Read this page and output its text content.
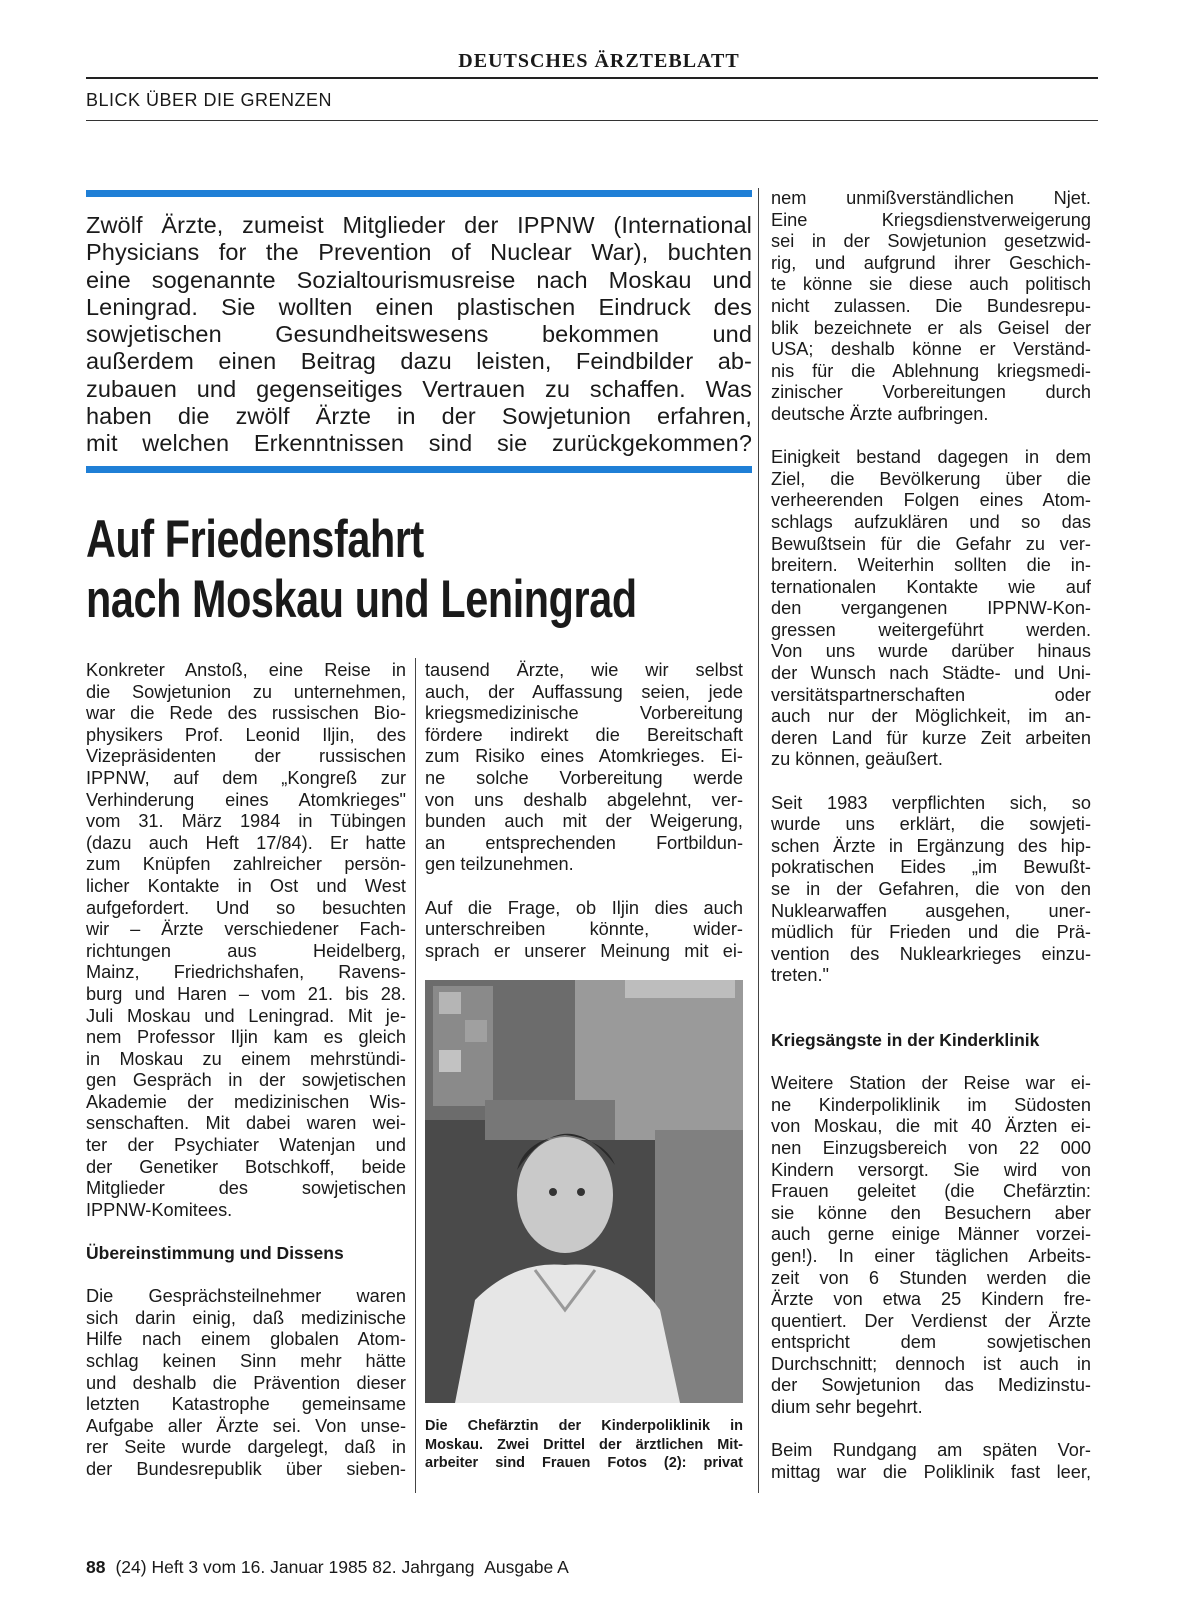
DEUTSCHES ÄRZTEBLATT
BLICK ÜBER DIE GRENZEN
Zwölf Ärzte, zumeist Mitglieder der IPPNW (International
Physicians for the Prevention of Nuclear War), buchten
eine sogenannte Sozialtourismusreise nach Moskau und
Leningrad. Sie wollten einen plastischen Eindruck des
sowjetischen Gesundheitswesens bekommen und
außerdem einen Beitrag dazu leisten, Feindbilder ab-
zubauen und gegenseitiges Vertrauen zu schaffen. Was
haben die zwölf Ärzte in der Sowjetunion erfahren,
mit welchen Erkenntnissen sind sie zurückgekommen?
Auf Friedensfahrt
nach Moskau und Leningrad
Konkreter Anstoß, eine Reise in
die Sowjetunion zu unternehmen,
war die Rede des russischen Bio-
physikers Prof. Leonid Iljin, des
Vizepräsidenten der russischen
IPPNW, auf dem „Kongreß zur
Verhinderung eines Atomkrieges"
vom 31. März 1984 in Tübingen
(dazu auch Heft 17/84). Er hatte
zum Knüpfen zahlreicher persön-
licher Kontakte in Ost und West
aufgefordert. Und so besuchten
wir – Ärzte verschiedener Fach-
richtungen aus Heidelberg,
Mainz, Friedrichshafen, Ravens-
burg und Haren – vom 21. bis 28.
Juli Moskau und Leningrad. Mit je-
nem Professor Iljin kam es gleich
in Moskau zu einem mehrstündi-
gen Gespräch in der sowjetischen
Akademie der medizinischen Wis-
senschaften. Mit dabei waren wei-
ter der Psychiater Watenjan und
der Genetiker Botschkoff, beide
Mitglieder des sowjetischen
IPPNW-Komitees.
Übereinstimmung und Dissens
Die Gesprächsteilnehmer waren
sich darin einig, daß medizinische
Hilfe nach einem globalen Atom-
schlag keinen Sinn mehr hätte
und deshalb die Prävention dieser
letzten Katastrophe gemeinsame
Aufgabe aller Ärzte sei. Von unse-
rer Seite wurde dargelegt, daß in
der Bundesrepublik über sieben-
tausend Ärzte, wie wir selbst
auch, der Auffassung seien, jede
kriegsmedizinische Vorbereitung
fördere indirekt die Bereitschaft
zum Risiko eines Atomkrieges. Ei-
ne solche Vorbereitung werde
von uns deshalb abgelehnt, ver-
bunden auch mit der Weigerung,
an entsprechenden Fortbildun-
gen teilzunehmen.
Auf die Frage, ob Iljin dies auch
unterschreiben könnte, wider-
sprach er unserer Meinung mit ei-
Die Chefärztin der Kinderpoliklinik in
Moskau. Zwei Drittel der ärztlichen Mit-
arbeiter sind Frauen Fotos (2): privat
nem unmißverständlichen Njet.
Eine Kriegsdienstverweigerung
sei in der Sowjetunion gesetzwid-
rig, und aufgrund ihrer Geschich-
te könne sie diese auch politisch
nicht zulassen. Die Bundesrepu-
blik bezeichnete er als Geisel der
USA; deshalb könne er Verständ-
nis für die Ablehnung kriegsmedi-
zinischer Vorbereitungen durch
deutsche Ärzte aufbringen.
Einigkeit bestand dagegen in dem
Ziel, die Bevölkerung über die
verheerenden Folgen eines Atom-
schlags aufzuklären und so das
Bewußtsein für die Gefahr zu ver-
breitern. Weiterhin sollten die in-
ternationalen Kontakte wie auf
den vergangenen IPPNW-Kon-
gressen weitergeführt werden.
Von uns wurde darüber hinaus
der Wunsch nach Städte- und Uni-
versitätspartnerschaften oder
auch nur der Möglichkeit, im an-
deren Land für kurze Zeit arbeiten
zu können, geäußert.
Seit 1983 verpflichten sich, so
wurde uns erklärt, die sowjeti-
schen Ärzte in Ergänzung des hip-
pokratischen Eides „im Bewußt-
se in der Gefahren, die von den
Nuklearwaffen ausgehen, uner-
müdlich für Frieden und die Prä-
vention des Nuklearkrieges einzu-
treten."
Kriegsängste in der Kinderklinik
Weitere Station der Reise war ei-
ne Kinderpoliklinik im Südosten
von Moskau, die mit 40 Ärzten ei-
nen Einzugsbereich von 22 000
Kindern versorgt. Sie wird von
Frauen geleitet (die Chefärztin:
sie könne den Besuchern aber
auch gerne einige Männer vorzei-
gen!). In einer täglichen Arbeits-
zeit von 6 Stunden werden die
Ärzte von etwa 25 Kindern fre-
quentiert. Der Verdienst der Ärzte
entspricht dem sowjetischen
Durchschnitt; dennoch ist auch in
der Sowjetunion das Medizinstu-
dium sehr begehrt.
Beim Rundgang am späten Vor-
mittag war die Poliklinik fast leer,
88 (24) Heft 3 vom 16. Januar 1985 82. Jahrgang Ausgabe A
